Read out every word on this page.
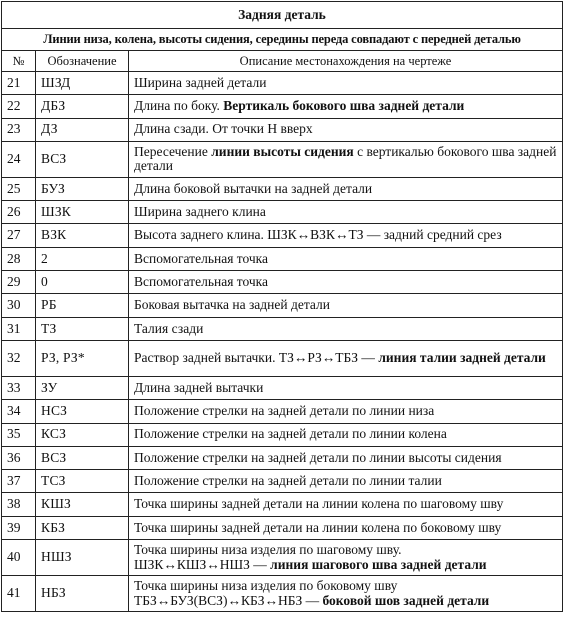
Задняя деталь		
Линии низа, колена, высоты сидения, середины переда совпадают с передней деталью		
№	Обозначение	Описание местонахождения на чертеже
21	ШЗД	Ширина задней детали
22	ДБЗ	Длина по боку. Вертикаль бокового шва задней детали
23	ДЗ	Длина сзади. От точки Н вверх
24	ВСЗ	Пересечение линии высоты сидения с вертикалью бокового шва задней детали
25	БУЗ	Длина боковой вытачки на задней детали
26	ШЗК	Ширина заднего клина
27	ВЗК	Высота заднего клина. ШЗК↔ВЗК↔ТЗ — задний средний срез
28	2	Вспомогательная точка
29	0	Вспомогательная точка
30	РБ	Боковая вытачка на задней детали
31	ТЗ	Талия сзади
32	РЗ, РЗ*	Раствор задней вытачки. ТЗ↔РЗ↔ТБЗ — линия талии задней детали
33	ЗУ	Длина задней вытачки
34	НСЗ	Положение стрелки на задней детали по линии низа
35	КСЗ	Положение стрелки на задней детали по линии колена
36	ВСЗ	Положение стрелки на задней детали по линии высоты сидения
37	ТСЗ	Положение стрелки на задней детали по линии талии
38	КШЗ	Точка ширины задней детали на линии колена по шаговому шву
39	КБЗ	Точка ширины задней детали на линии колена по боковому шву
40	НШЗ	Точка ширины низа изделия по шаговому шву.
ШЗК↔КШЗ↔НШЗ — линия шагового шва задней детали

41	НБЗ	Точка ширины низа изделия по боковому шву
ТБЗ↔БУЗ(ВСЗ)↔КБЗ↔НБЗ — боковой шов задней детали
